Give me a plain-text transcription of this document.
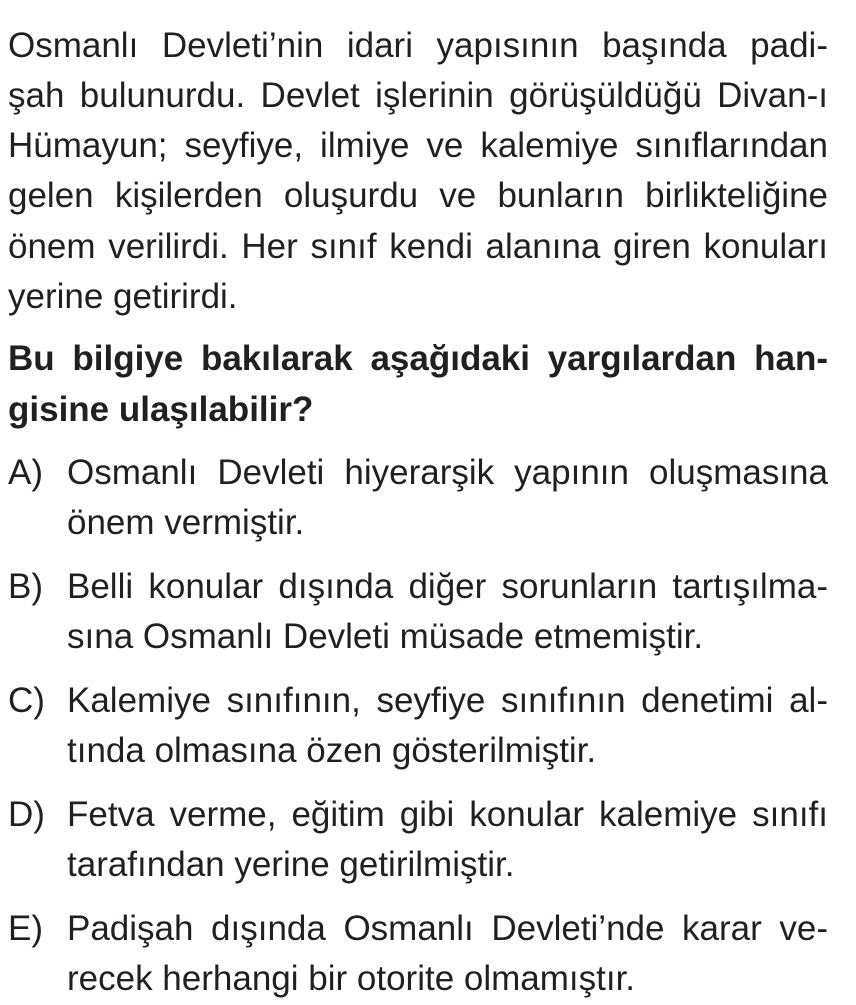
Osmanlı Devleti’nin idari yapısının başında padi-
şah bulunurdu. Devlet işlerinin görüşüldüğü Divan-ı
Hümayun; seyfiye, ilmiye ve kalemiye sınıflarından
gelen kişilerden oluşurdu ve bunların birlikteliğine
önem verilirdi. Her sınıf kendi alanına giren konuları
yerine getirirdi.
Bu bilgiye bakılarak aşağıdaki yargılardan han-
gisine ulaşılabilir?
A) Osmanlı Devleti hiyerarşik yapının oluşmasına
önem vermiştir.
B) Belli konular dışında diğer sorunların tartışılma-
sına Osmanlı Devleti müsade etmemiştir.
C) Kalemiye sınıfının, seyfiye sınıfının denetimi al-
tında olmasına özen gösterilmiştir.
D) Fetva verme, eğitim gibi konular kalemiye sınıfı
tarafından yerine getirilmiştir.
E) Padişah dışında Osmanlı Devleti’nde karar ve-
recek herhangi bir otorite olmamıştır.
